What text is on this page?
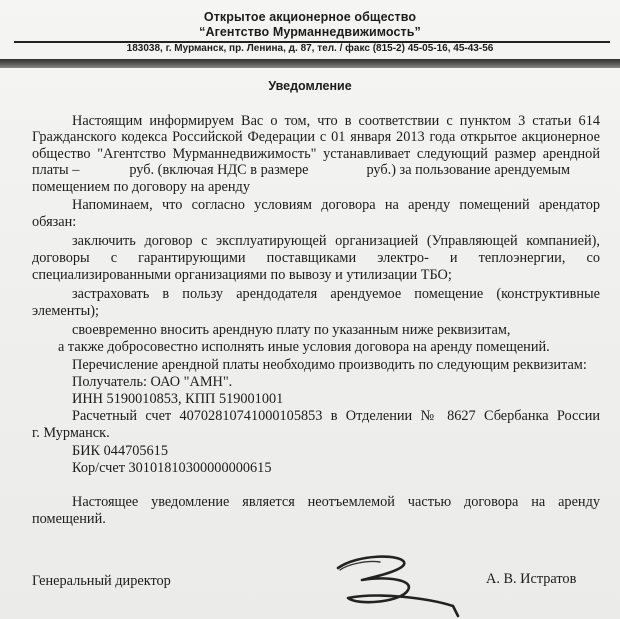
Открытое акционерное общество
“Агентство Мурманнедвижимость”
183038, г. Мурманск, пр. Ленина, д. 87, тел. / факс (815-2) 45-05-16, 45-43-56
Уведомление
Настоящим информируем Вас о том, что в соответствии с пунктом 3 статьи 614
Гражданского кодекса Российской Федерации с 01 января 2013 года открытое акционерное
общество "Агентство Мурманнедвижимость" устанавливает следующий размер арендной
платы –	руб. (включая НДС в размере	руб.) за пользование арендуемым
помещением по договору на аренду
Напоминаем, что согласно условиям договора на аренду помещений арендатор
обязан:
заключить договор с эксплуатирующей организацией (Управляющей компанией),
договоры с гарантирующими поставщиками электро- и теплоэнергии, со
специализированными организациями по вывозу и утилизации ТБО;
застраховать в пользу арендодателя арендуемое помещение (конструктивные
элементы);
своевременно вносить арендную плату по указанным ниже реквизитам,
а также добросовестно исполнять иные условия договора на аренду помещений.
Перечисление арендной платы необходимо производить по следующим реквизитам:
Получатель: ОАО "АМН".
ИНН 5190010853, КПП 519001001
Расчетный счет 40702810741000105853 в Отделении № 8627 Сбербанка России
г. Мурманск.
БИК 044705615
Кор/счет 30101810300000000615
Настоящее уведомление является неотъемлемой частью договора на аренду
помещений.
Генеральный директор	А. В. Истратов
